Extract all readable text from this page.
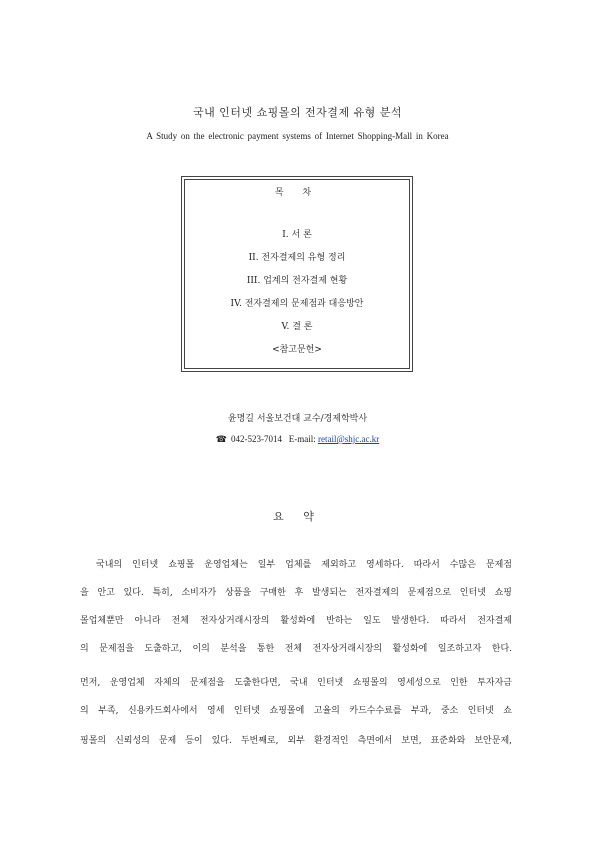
국내 인터넷 쇼핑몰의 전자결제 유형 분석
A Study on the electronic payment systems of Internet Shopping-Mall in Korea
목 차
I. 서 론
II. 전자결제의 유형 정리
III. 업계의 전자결제 현황
IV. 전자결제의 문제점과 대응방안
V. 결 론
<참고문헌>
윤명길 서울보건대 교수/경제학박사
☎ 042-523-7014 E-mail: retail@shjc.ac.kr
요 약
국내의 인터넷 쇼핑몰 운영업체는 일부 업체를 제외하고 영세하다. 따라서 수많은 문제점
을 안고 있다. 특히, 소비자가 상품을 구매한 후 발생되는 전자결제의 문제점으로 인터넷 쇼핑
몰업체뿐만 아니라 전체 전자상거래시장의 활성화에 반하는 일도 발생한다. 따라서 전자결제
의 문제점을 도출하고, 이의 분석을 통한 전체 전자상거래시장의 활성화에 일조하고자 한다.
먼저, 운영업체 자체의 문제점을 도출한다면, 국내 인터넷 쇼핑몰의 영세성으로 인한 투자자금
의 부족, 신용카드회사에서 영세 인터넷 쇼핑몰에 고율의 카드수수료를 부과, 중소 인터넷 쇼
핑몰의 신뢰성의 문제 등이 있다. 두번째로, 외부 환경적인 측면에서 보면, 표준화와 보안문제,
